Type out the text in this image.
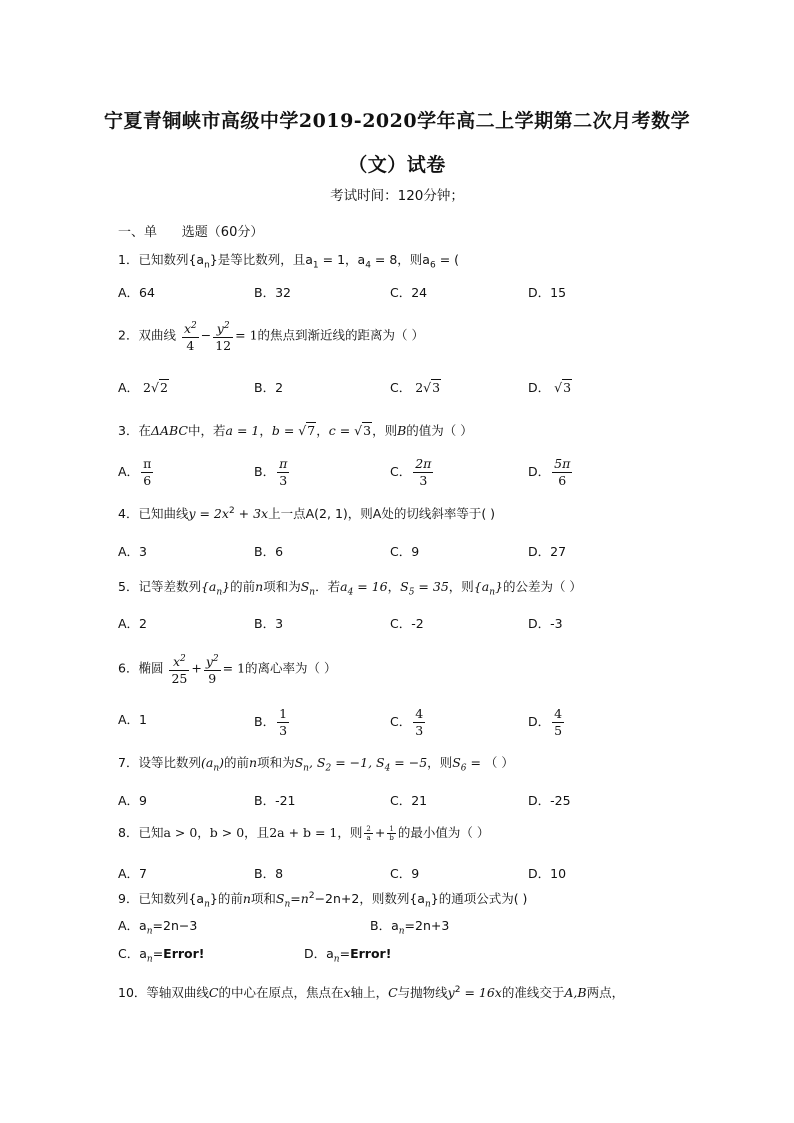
宁夏青铜峡市高级中学2019-2020学年高二上学期第二次月考数学
（文）试卷
考试时间：120分钟；
一、单      选题（60分）
1．已知数列$\{a_n\}$是等比数列，且$a_1 = 1$，$a_4 = 8$，则$a_6$ = (
A．64	B．32	C．24	D．15
2．双曲线 $\frac{x^2}{4} - \frac{y^2}{12} = 1$的焦点到渐近线的距离为（ ）
A． 2√2	B．2	C． 2√3	D． √3
3．在ΔABC中，若a = 1，b = √7，c = √3，则B的值为（ ）
A． $\frac{\pi}{6}$	B． $\frac{\pi}{3}$	C． $\frac{2\pi}{3}$	D． $\frac{5\pi}{6}$
4．已知曲线$y = 2x^2 + 3x$上一点A(2, 1)，则A处的切线斜率等于( )
A．3	B．6	C．9	D．27
5．记等差数列$\{a_n\}$的前n项和为$S_n$．若$a_4 = 16$，$S_5 = 35$，则$\{a_n\}$的公差为（ ）
A．2	B．3	C．-2	D．-3
6．椭圆 $\frac{x^2}{25} + \frac{y^2}{9} = 1$的离心率为（ ）
A．1	B． $\frac{1}{3}$	C． $\frac{4}{3}$	D． $\frac{4}{5}$
7．设等比数列$(a_n)$的前n项和为$S_n$, $S_2 = -1$, $S_4 = -5$，则$S_6$ = （ ）
A．9	B．-21	C．21	D．-25
8．已知a > 0，b > 0，且2a + b = 1，则 $\frac{2}{a} + \frac{1}{b}$ 的最小值为（ ）
A．7	B．8	C．9	D．10
9．已知数列$\{a_n\}$的前n项和$S_n=n^2-2n+2$，则数列$\{a_n\}$的通项公式为( )
A．$a_n=2n-3$	B．$a_n=2n+3$
C．$a_n=Error$!	D．$a_n=Error$!
10．等轴双曲线C的中心在原点，焦点在x轴上，C与抛物线$y^2 = 16x$的准线交于A,B两点，
